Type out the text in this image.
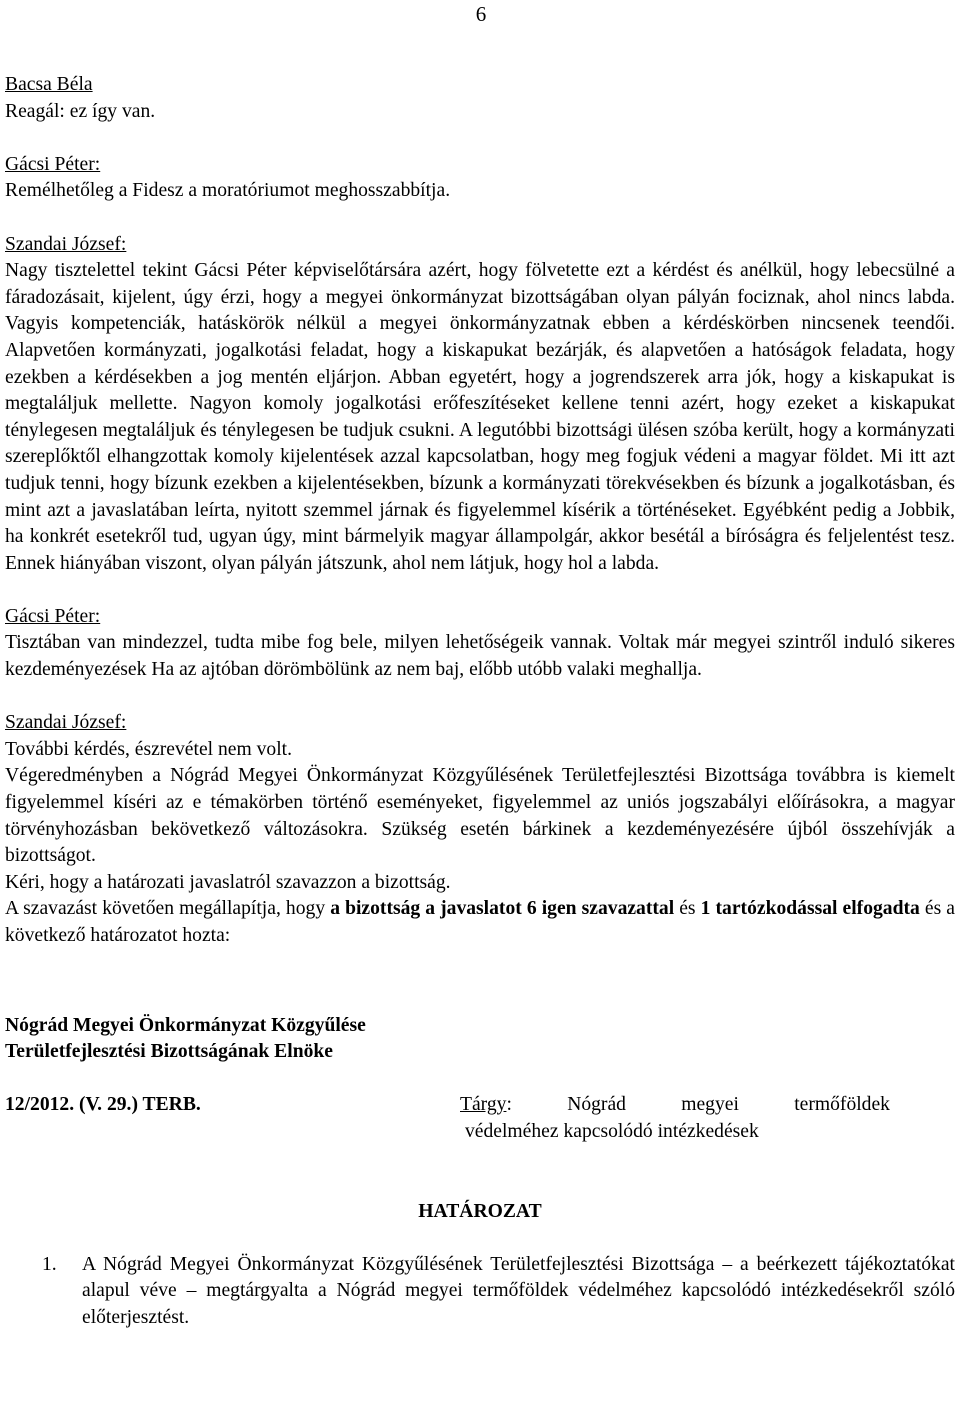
6
Bacsa Béla
Reagál: ez így van.
Gácsi Péter:
Remélhetőleg a Fidesz a moratóriumot meghosszabbítja.
Szandai József:
Nagy tisztelettel tekint Gácsi Péter képviselőtársára azért, hogy fölvetette ezt a kérdést és anélkül, hogy lebecsülné a fáradozásait, kijelent, úgy érzi, hogy a megyei önkormányzat bizottságában olyan pályán fociznak, ahol nincs labda. Vagyis kompetenciák, hatáskörök nélkül a megyei önkormányzatnak ebben a kérdéskörben nincsenek teendői. Alapvetően kormányzati, jogalkotási feladat, hogy a kiskapukat bezárják, és alapvetően a hatóságok feladata, hogy ezekben a kérdésekben a jog mentén eljárjon. Abban egyetért, hogy a jogrendszerek arra jók, hogy a kiskapukat is megtaláljuk mellette. Nagyon komoly jogalkotási erőfeszítéseket kellene tenni azért, hogy ezeket a kiskapukat ténylegesen megtaláljuk és ténylegesen be tudjuk csukni. A legutóbbi bizottsági ülésen szóba került, hogy a kormányzati szereplőktől elhangzottak komoly kijelentések azzal kapcsolatban, hogy meg fogjuk védeni a magyar földet. Mi itt azt tudjuk tenni, hogy bízunk ezekben a kijelentésekben, bízunk a kormányzati törekvésekben és bízunk a jogalkotásban, és mint azt a javaslatában leírta, nyitott szemmel járnak és figyelemmel kísérik a történéseket. Egyébként pedig a Jobbik, ha konkrét esetekről tud, ugyan úgy, mint bármelyik magyar állampolgár, akkor besétál a bíróságra és feljelentést tesz. Ennek hiányában viszont, olyan pályán játszunk, ahol nem látjuk, hogy hol a labda.
Gácsi Péter:
Tisztában van mindezzel, tudta mibe fog bele, milyen lehetőségeik vannak. Voltak már megyei szintről induló sikeres kezdeményezések Ha az ajtóban dörömbölünk az nem baj, előbb utóbb valaki meghallja.
Szandai József:
További kérdés, észrevétel nem volt.
Végeredményben a Nógrád Megyei Önkormányzat Közgyűlésének Területfejlesztési Bizottsága továbbra is kiemelt figyelemmel kíséri az e témakörben történő eseményeket, figyelemmel az uniós jogszabályi előírásokra, a magyar törvényhozásban bekövetkező változásokra. Szükség esetén bárkinek a kezdeményezésére újból összehívják a bizottságot.
Kéri, hogy a határozati javaslatról szavazzon a bizottság.
A szavazást követően megállapítja, hogy a bizottság a javaslatot 6 igen szavazattal és 1 tartózkodással elfogadta és a következő határozatot hozta:
Nógrád Megyei Önkormányzat Közgyűlése
Területfejlesztési Bizottságának Elnöke
12/2012. (V. 29.) TERB.	Tárgy:	Nógrád	megyei	termőföldek
védelméhez kapcsolódó intézkedések
HATÁROZAT
1.	A Nógrád Megyei Önkormányzat Közgyűlésének Területfejlesztési Bizottsága – a beérkezett tájékoztatókat alapul véve – megtárgyalta a Nógrád megyei termőföldek védelméhez kapcsolódó intézkedésekről szóló előterjesztést.
